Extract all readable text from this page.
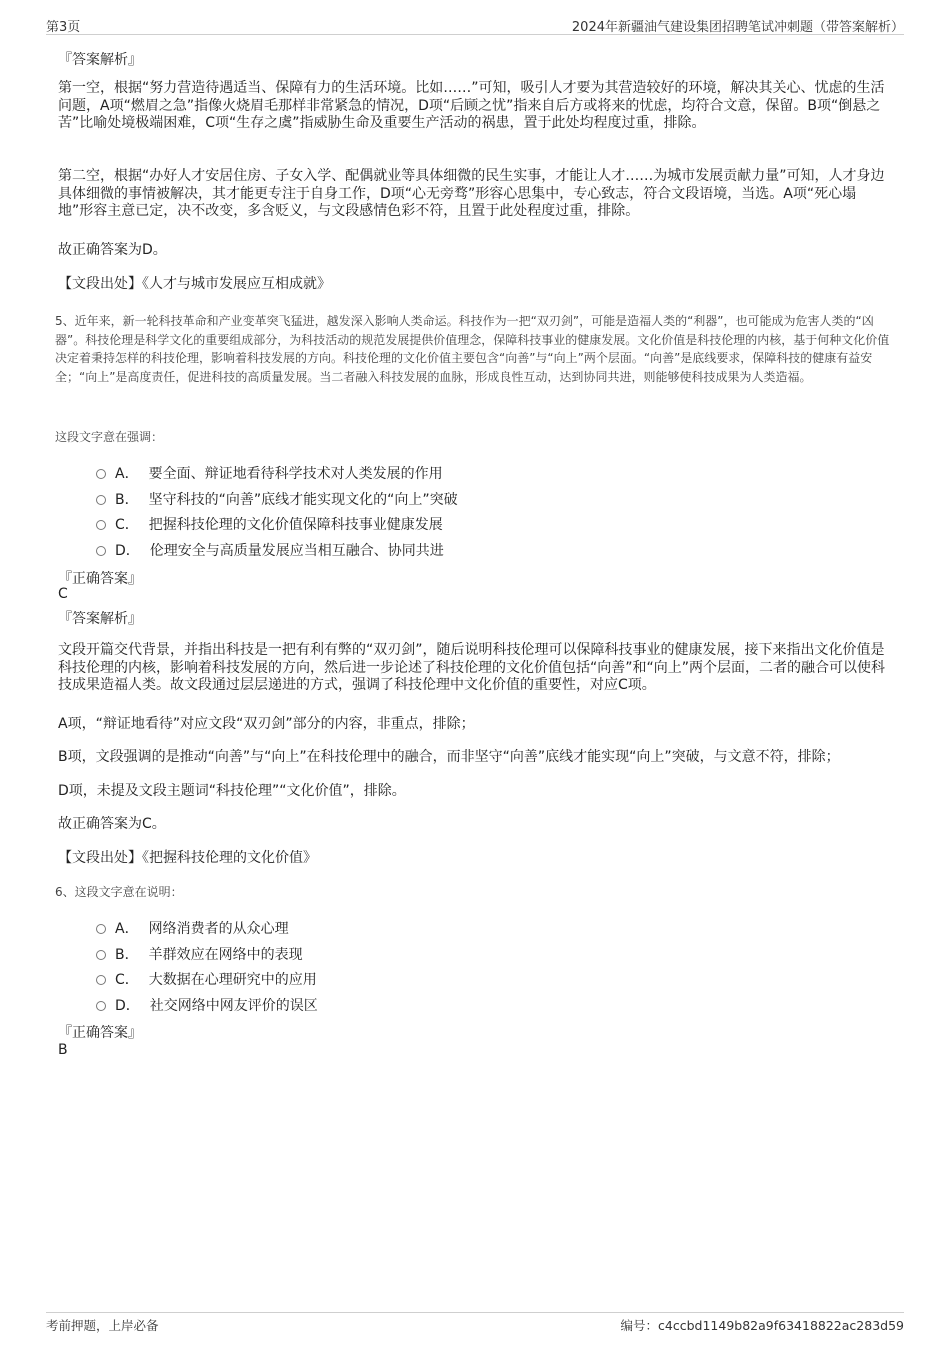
第3页	2024年新疆油气建设集团招聘笔试冲刺题（带答案解析）
『答案解析』

第一空，根据“努力营造待遇适当、保障有力的生活环境。比如……”可知，吸引人才要为其营造较好的环境，解决其关心、忧虑的生活问题，A项“燃眉之急”指像火烧眉毛那样非常紧急的情况，D项“后顾之忧”指来自后方或将来的忧虑，均符合文意，保留。B项“倒悬之苦”比喻处境极端困难，C项“生存之虞”指威胁生命及重要生产活动的祸患，置于此处均程度过重，排除。

第二空，根据“办好人才安居住房、子女入学、配偶就业等具体细微的民生实事，才能让人才……为城市发展贡献力量”可知，人才身边具体细微的事情被解决，其才能更专注于自身工作，D项“心无旁骛”形容心思集中，专心致志，符合文段语境，当选。A项“死心塌地”形容主意已定，决不改变，多含贬义，与文段感情色彩不符，且置于此处程度过重，排除。

故正确答案为D。
【文段出处】《人才与城市发展应互相成就》

5、近年来，新一轮科技革命和产业变革突飞猛进，越发深入影响人类命运。科技作为一把“双刃剑”，可能是造福人类的“利器”，也可能成为危害人类的“凶器”。科技伦理是科学文化的重要组成部分，为科技活动的规范发展提供价值理念，保障科技事业的健康发展。文化价值是科技伦理的内核，基于何种文化价值决定着秉持怎样的科技伦理，影响着科技发展的方向。科技伦理的文化价值主要包含“向善”与“向上”两个层面。“向善”是底线要求，保障科技的健康有益安全；“向上”是高度责任，促进科技的高质量发展。当二者融入科技发展的血脉，形成良性互动，达到协同共进，则能够使科技成果为人类造福。

这段文字意在强调：
A． 要全面、辩证地看待科学技术对人类发展的作用
B． 坚守科技的“向善”底线才能实现文化的“向上”突破
C． 把握科技伦理的文化价值保障科技事业健康发展
D． 伦理安全与高质量发展应当相互融合、协同共进
『正确答案』
C
『答案解析』

文段开篇交代背景，并指出科技是一把有利有弊的“双刃剑”，随后说明科技伦理可以保障科技事业的健康发展，接下来指出文化价值是科技伦理的内核，影响着科技发展的方向，然后进一步论述了科技伦理的文化价值包括“向善”和“向上”两个层面，二者的融合可以使科技成果造福人类。故文段通过层层递进的方式，强调了科技伦理中文化价值的重要性，对应C项。

A项，“辩证地看待”对应文段“双刃剑”部分的内容，非重点，排除；
B项，文段强调的是推动“向善”与“向上”在科技伦理中的融合，而非坚守“向善”底线才能实现“向上”突破，与文意不符，排除；
D项，未提及文段主题词“科技伦理”“文化价值”，排除。
故正确答案为C。
【文段出处】《把握科技伦理的文化价值》
6、这段文字意在说明：
A． 网络消费者的从众心理
B． 羊群效应在网络中的表现
C． 大数据在心理研究中的应用
D． 社交网络中网友评价的误区
『正确答案』
B
考前押题，上岸必备	编号：c4ccbd1149b82a9f63418822ac283d59
